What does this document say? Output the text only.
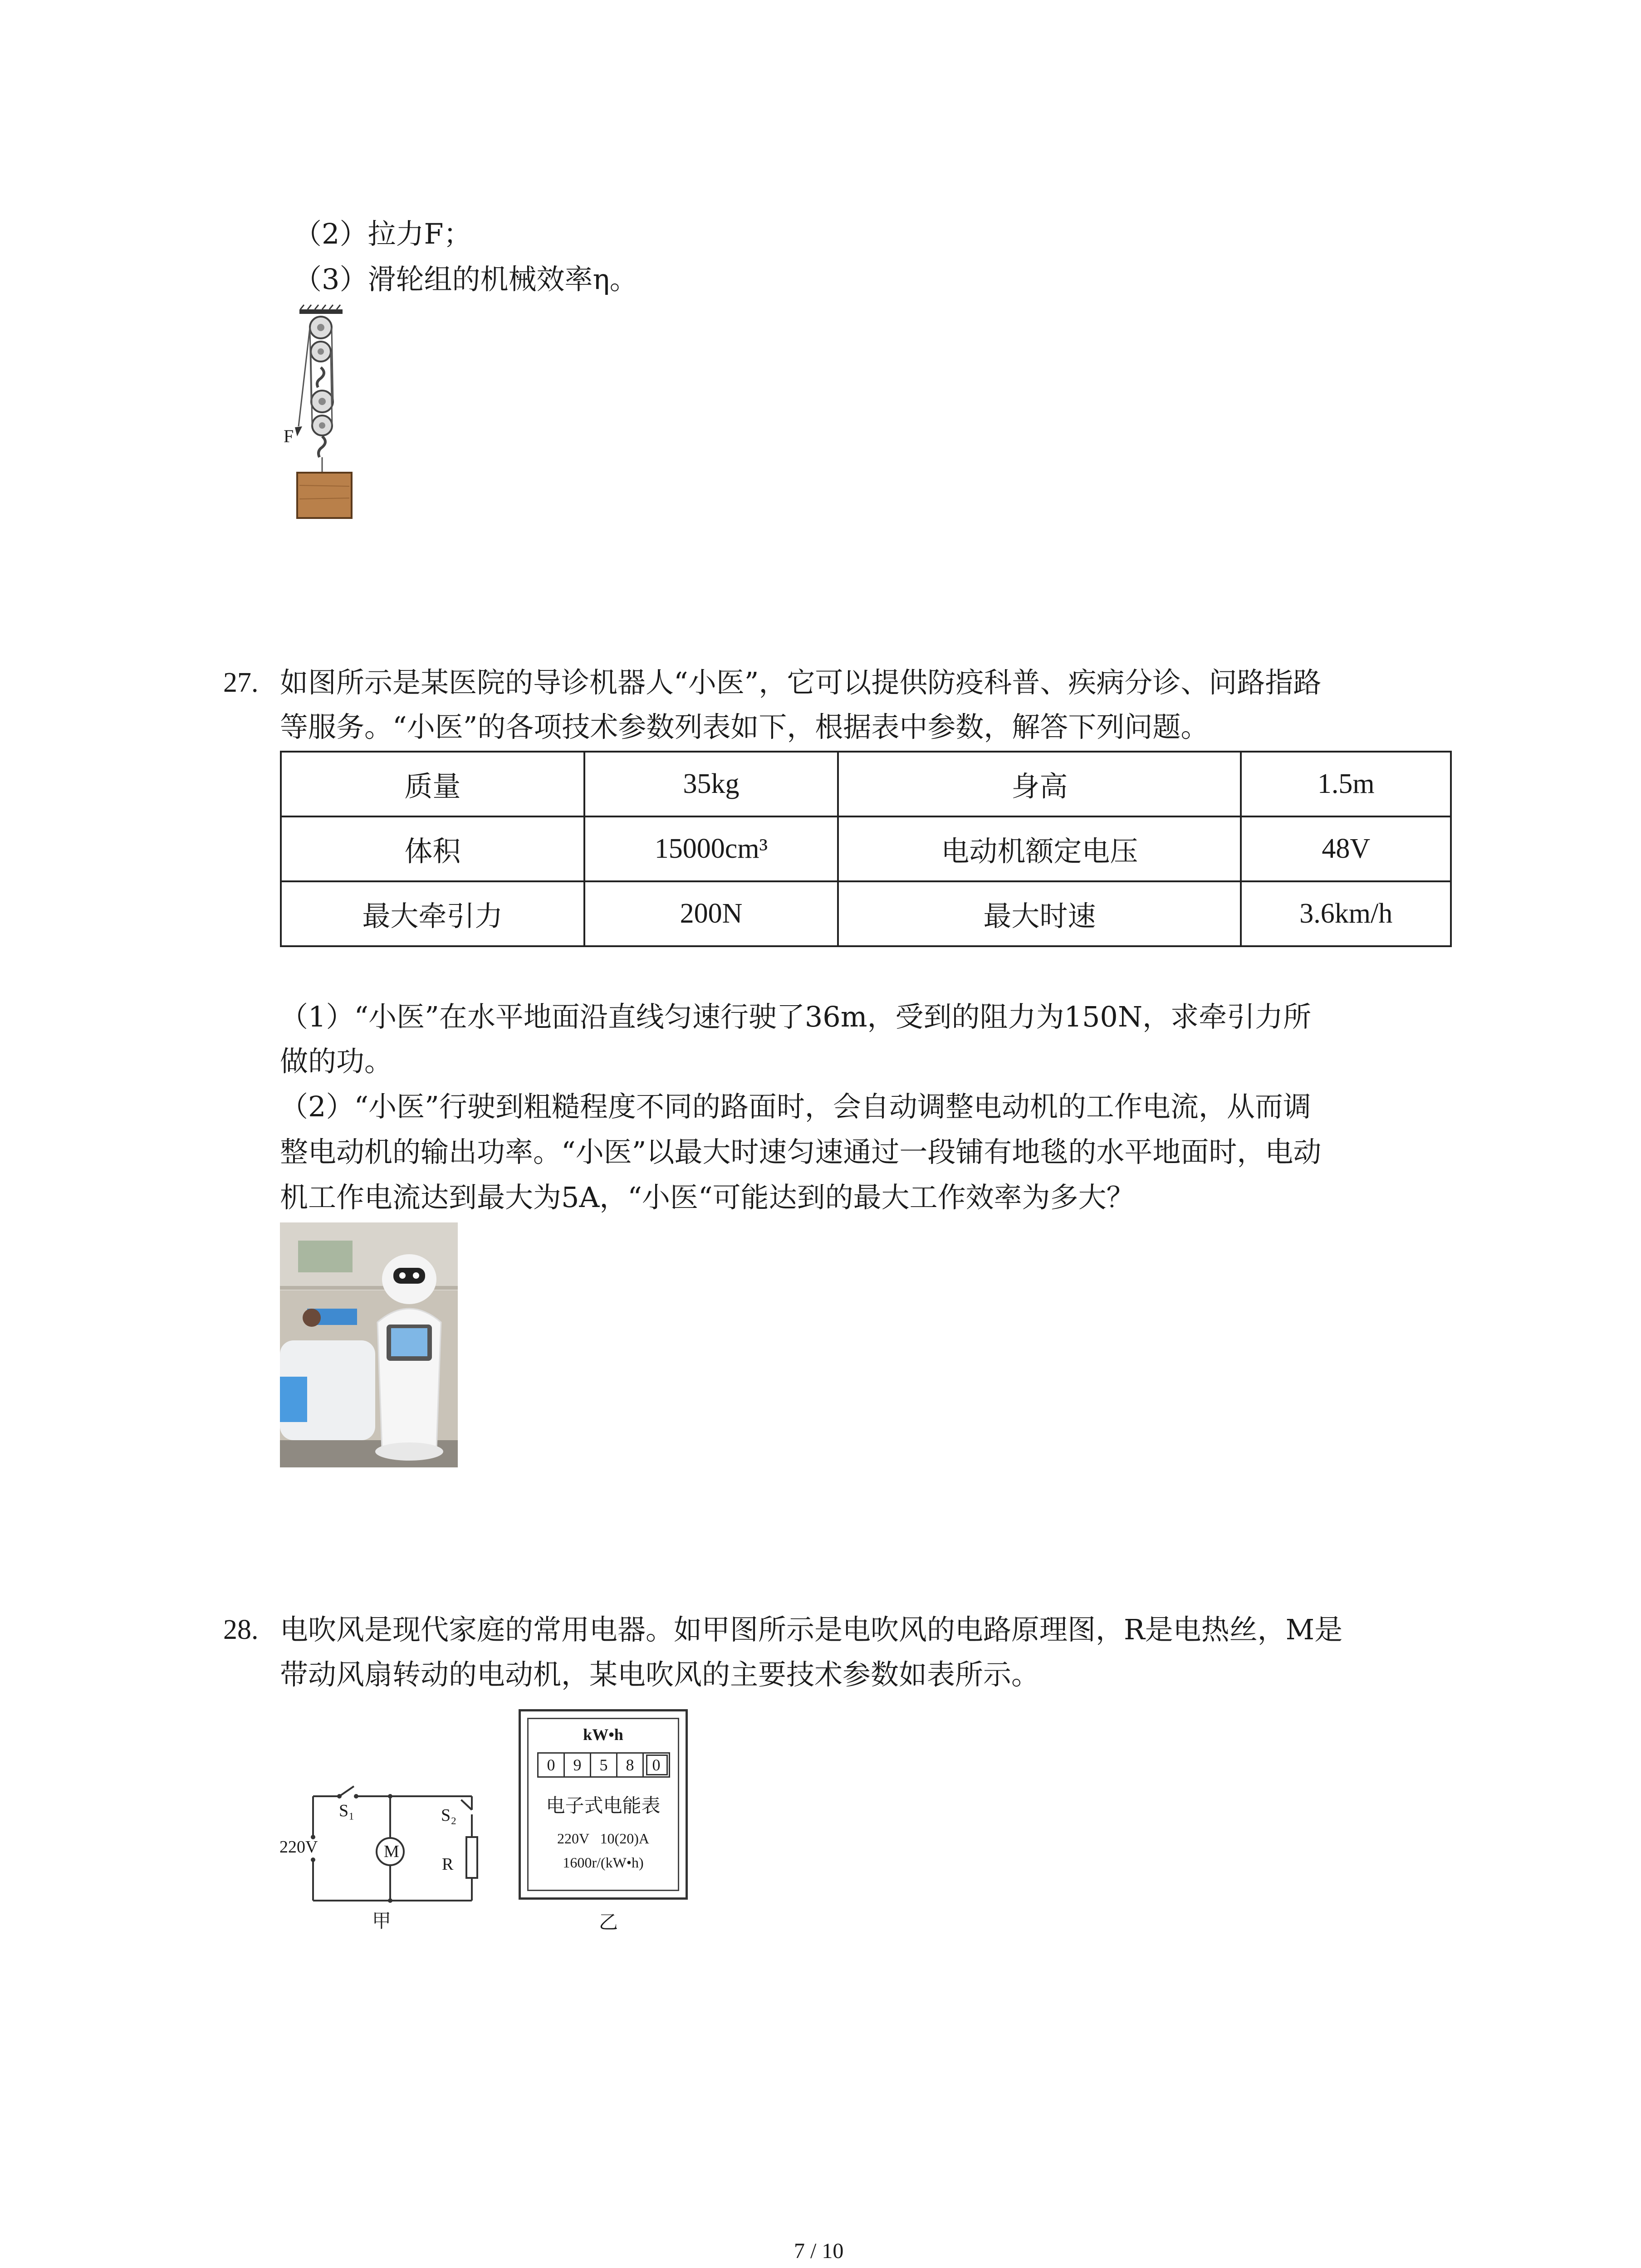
（2）拉力F；
（3）滑轮组的机械效率η。
F
27. 如图所示是某医院的导诊机器人“小医”，它可以提供防疫科普、疾病分诊、问路指路
等服务。“小医”的各项技术参数列表如下，根据表中参数，解答下列问题。
质量	35kg	身高	1.5m
体积	15000cm³	电动机额定电压	48V
最大牵引力	200N	最大时速	3.6km/h
（1）“小医”在水平地面沿直线匀速行驶了36m，受到的阻力为150N，求牵引力所
做的功。
（2）“小医”行驶到粗糙程度不同的路面时，会自动调整电动机的工作电流，从而调
整电动机的输出功率。“小医”以最大时速匀速通过一段铺有地毯的水平地面时，电动
机工作电流达到最大为5A，“小医“可能达到的最大工作效率为多大？
28. 电吹风是现代家庭的常用电器。如甲图所示是电吹风的电路原理图，R是电热丝，M是
带动风扇转动的电动机，某电吹风的主要技术参数如表所示。
S₁	S₂
220V	M
R
甲
kW•h
0	9	5	8	0
电子式电能表
220V   10(20)A
1600r/(kW•h)
乙
7 / 10
